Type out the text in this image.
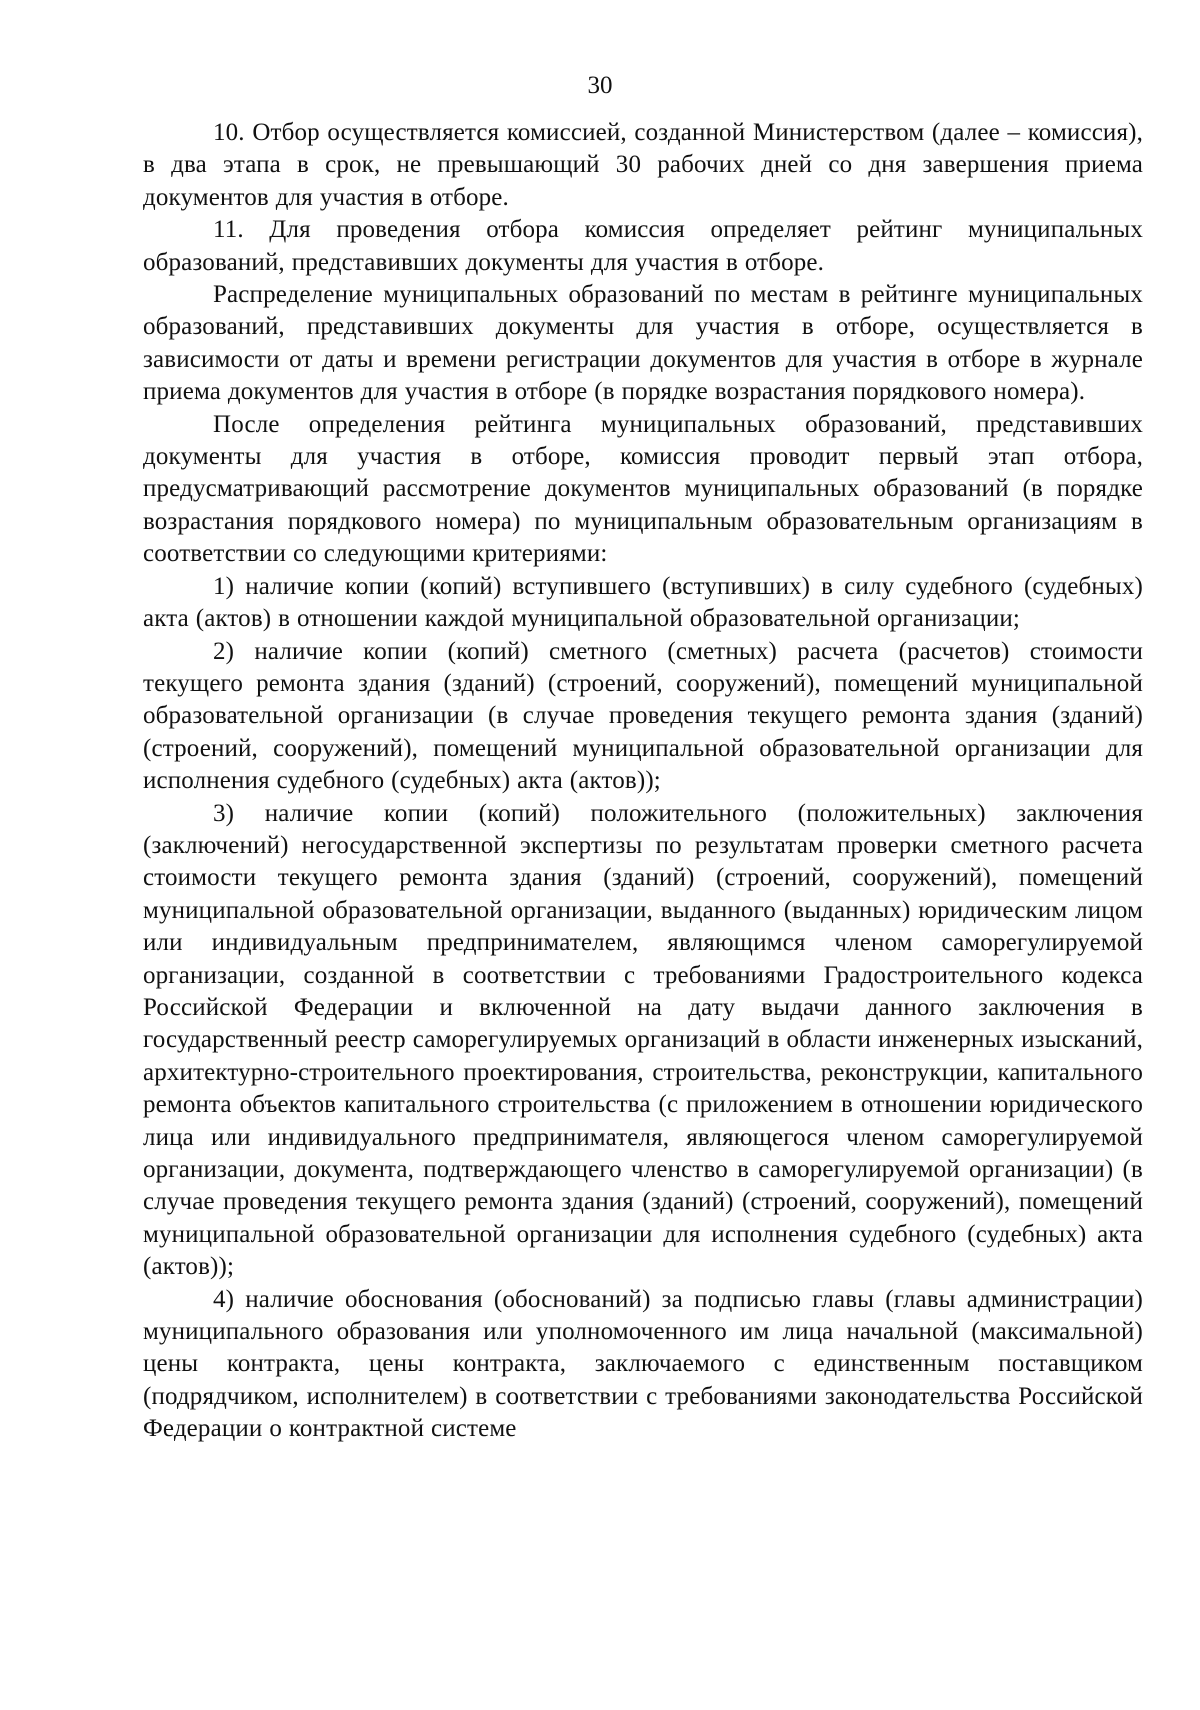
30

10. Отбор осуществляется комиссией, созданной Министерством (далее – комиссия), в два этапа в срок, не превышающий 30 рабочих дней со дня завершения приема документов для участия в отборе.

11. Для проведения отбора комиссия определяет рейтинг муниципальных образований, представивших документы для участия в отборе.

Распределение муниципальных образований по местам в рейтинге муниципальных образований, представивших документы для участия в отборе, осуществляется в зависимости от даты и времени регистрации документов для участия в отборе в журнале приема документов для участия в отборе (в порядке возрастания порядкового номера).

После определения рейтинга муниципальных образований, представивших документы для участия в отборе, комиссия проводит первый этап отбора, предусматривающий рассмотрение документов муниципальных образований (в порядке возрастания порядкового номера) по муниципальным образовательным организациям в соответствии со следующими критериями:

1) наличие копии (копий) вступившего (вступивших) в силу судебного (судебных) акта (актов) в отношении каждой муниципальной образовательной организации;

2) наличие копии (копий) сметного (сметных) расчета (расчетов) стоимости текущего ремонта здания (зданий) (строений, сооружений), помещений муниципальной образовательной организации (в случае проведения текущего ремонта здания (зданий) (строений, сооружений), помещений муниципальной образовательной организации для исполнения судебного (судебных) акта (актов));

3) наличие копии (копий) положительного (положительных) заключения (заключений) негосударственной экспертизы по результатам проверки сметного расчета стоимости текущего ремонта здания (зданий) (строений, сооружений), помещений муниципальной образовательной организации, выданного (выданных) юридическим лицом или индивидуальным предпринимателем, являющимся членом саморегулируемой организации, созданной в соответствии с требованиями Градостроительного кодекса Российской Федерации и включенной на дату выдачи данного заключения в государственный реестр саморегулируемых организаций в области инженерных изысканий, архитектурно-строительного проектирования, строительства, реконструкции, капитального ремонта объектов капитального строительства (с приложением в отношении юридического лица или индивидуального предпринимателя, являющегося членом саморегулируемой организации, документа, подтверждающего членство в саморегулируемой организации) (в случае проведения текущего ремонта здания (зданий) (строений, сооружений), помещений муниципальной образовательной организации для исполнения судебного (судебных) акта (актов));

4) наличие обоснования (обоснований) за подписью главы (главы администрации) муниципального образования или уполномоченного им лица начальной (максимальной) цены контракта, цены контракта, заключаемого с единственным поставщиком (подрядчиком, исполнителем) в соответствии с требованиями законодательства Российской Федерации о контрактной системе
